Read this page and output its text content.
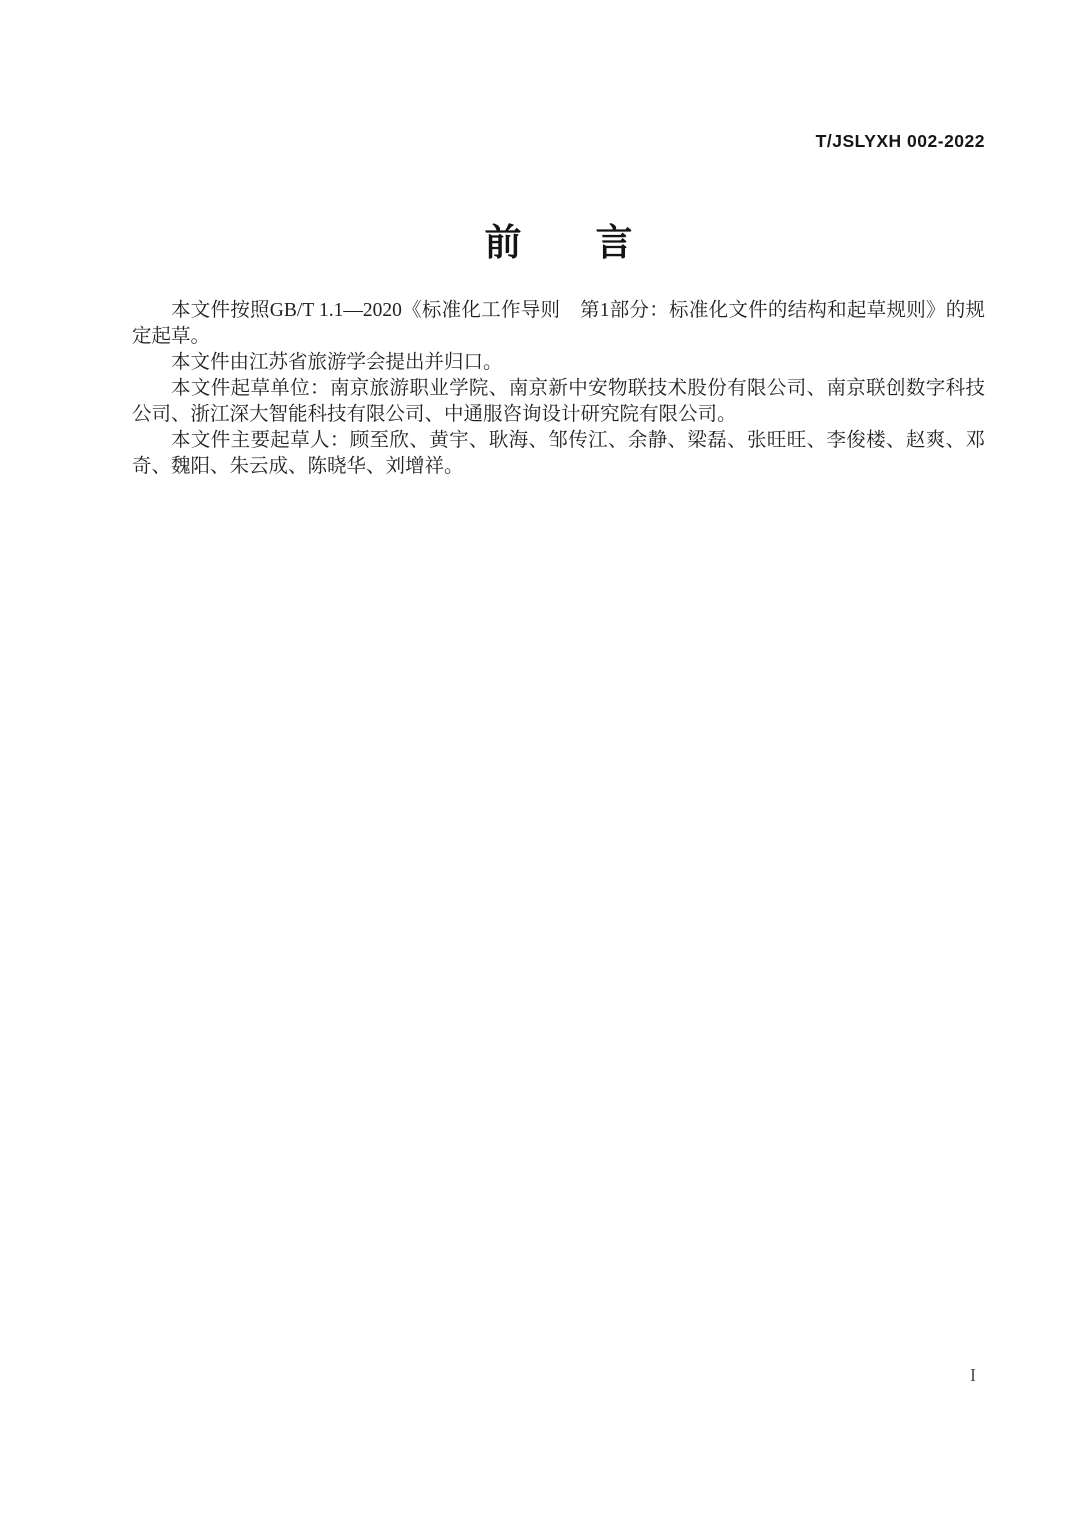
T/JSLYXH 002-2022
前　　言

本文件按照GB/T 1.1—2020《标准化工作导则　第1部分：标准化文件的结构和起草规则》的规定起草。

本文件由江苏省旅游学会提出并归口。

本文件起草单位：南京旅游职业学院、南京新中安物联技术股份有限公司、南京联创数字科技公司、浙江深大智能科技有限公司、中通服咨询设计研究院有限公司。

本文件主要起草人：顾至欣、黄宇、耿海、邹传江、余静、梁磊、张旺旺、李俊楼、赵爽、邓奇、魏阳、朱云成、陈晓华、刘增祥。

I
